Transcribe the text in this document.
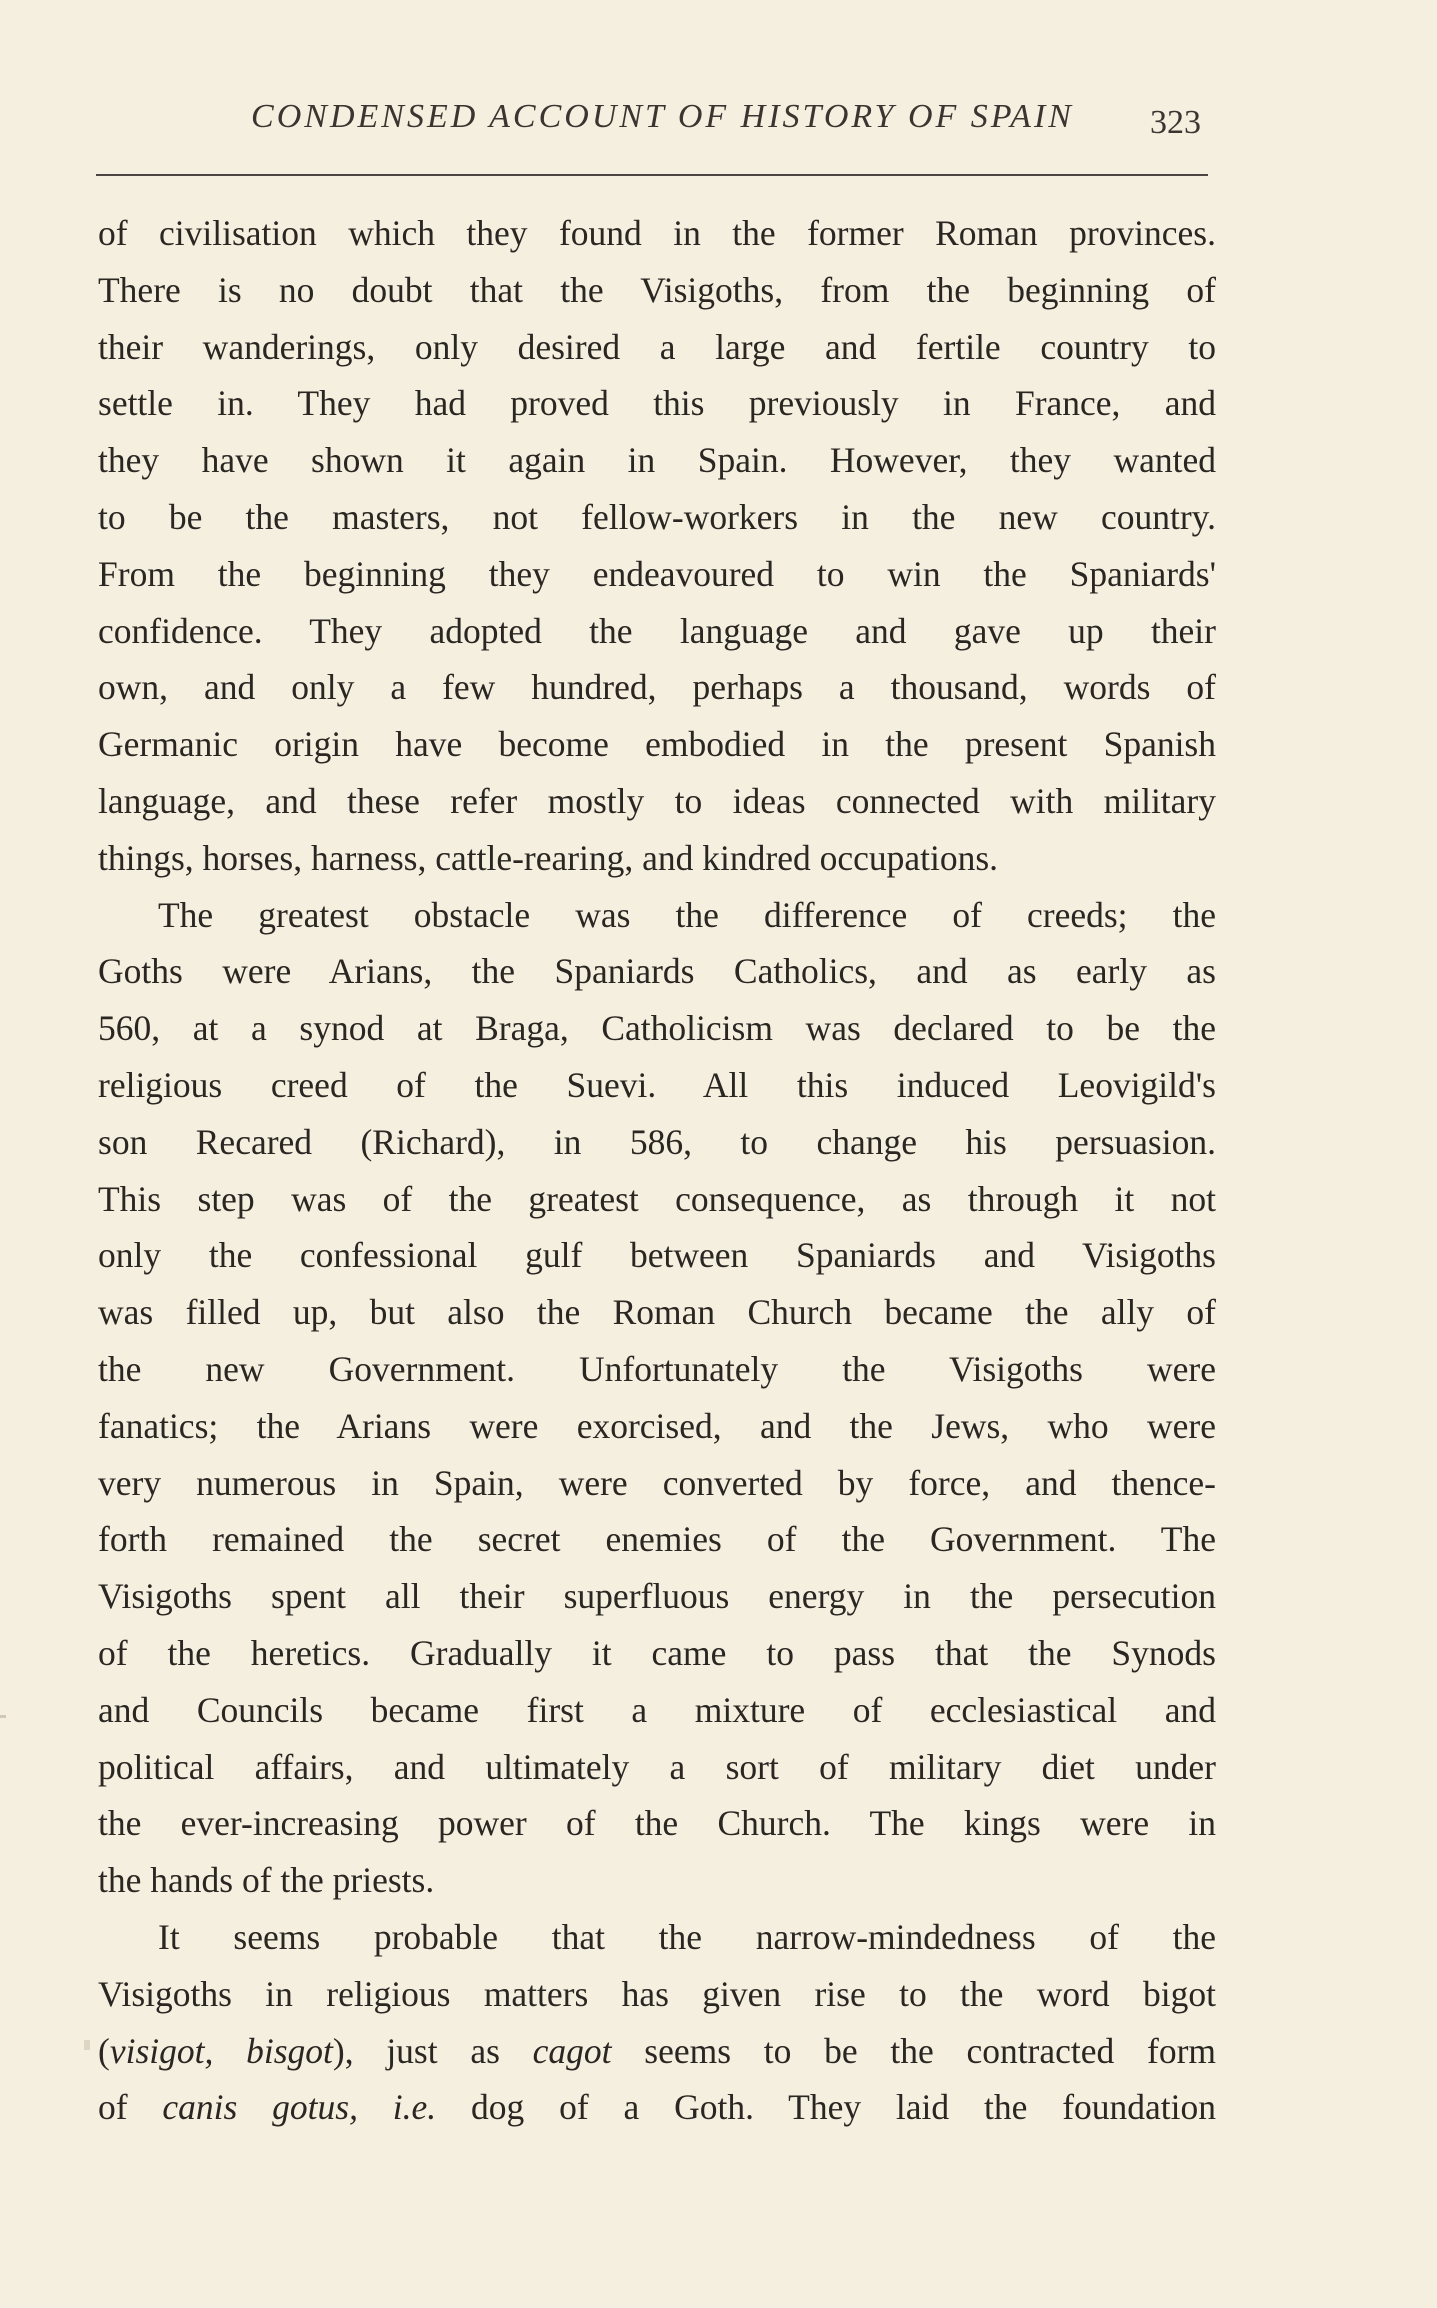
CONDENSED ACCOUNT OF HISTORY OF SPAIN	323
of civilisation which they found in the former Roman provinces.
There is no doubt that the Visigoths, from the beginning of
their wanderings, only desired a large and fertile country to
settle in. They had proved this previously in France, and
they have shown it again in Spain. However, they wanted
to be the masters, not fellow-workers in the new country.
From the beginning they endeavoured to win the Spaniards'
confidence. They adopted the language and gave up their
own, and only a few hundred, perhaps a thousand, words of
Germanic origin have become embodied in the present Spanish
language, and these refer mostly to ideas connected with military
things, horses, harness, cattle-rearing, and kindred occupations.
The greatest obstacle was the difference of creeds; the
Goths were Arians, the Spaniards Catholics, and as early as
560, at a synod at Braga, Catholicism was declared to be the
religious creed of the Suevi. All this induced Leovigild's
son Recared (Richard), in 586, to change his persuasion.
This step was of the greatest consequence, as through it not
only the confessional gulf between Spaniards and Visigoths
was filled up, but also the Roman Church became the ally of
the new Government. Unfortunately the Visigoths were
fanatics; the Arians were exorcised, and the Jews, who were
very numerous in Spain, were converted by force, and thence-
forth remained the secret enemies of the Government. The
Visigoths spent all their superfluous energy in the persecution
of the heretics. Gradually it came to pass that the Synods
and Councils became first a mixture of ecclesiastical and
political affairs, and ultimately a sort of military diet under
the ever-increasing power of the Church. The kings were in
the hands of the priests.
It seems probable that the narrow-mindedness of the
Visigoths in religious matters has given rise to the word bigot
(visigot, bisgot), just as cagot seems to be the contracted form
of canis gotus, i.e. dog of a Goth. They laid the foundation
